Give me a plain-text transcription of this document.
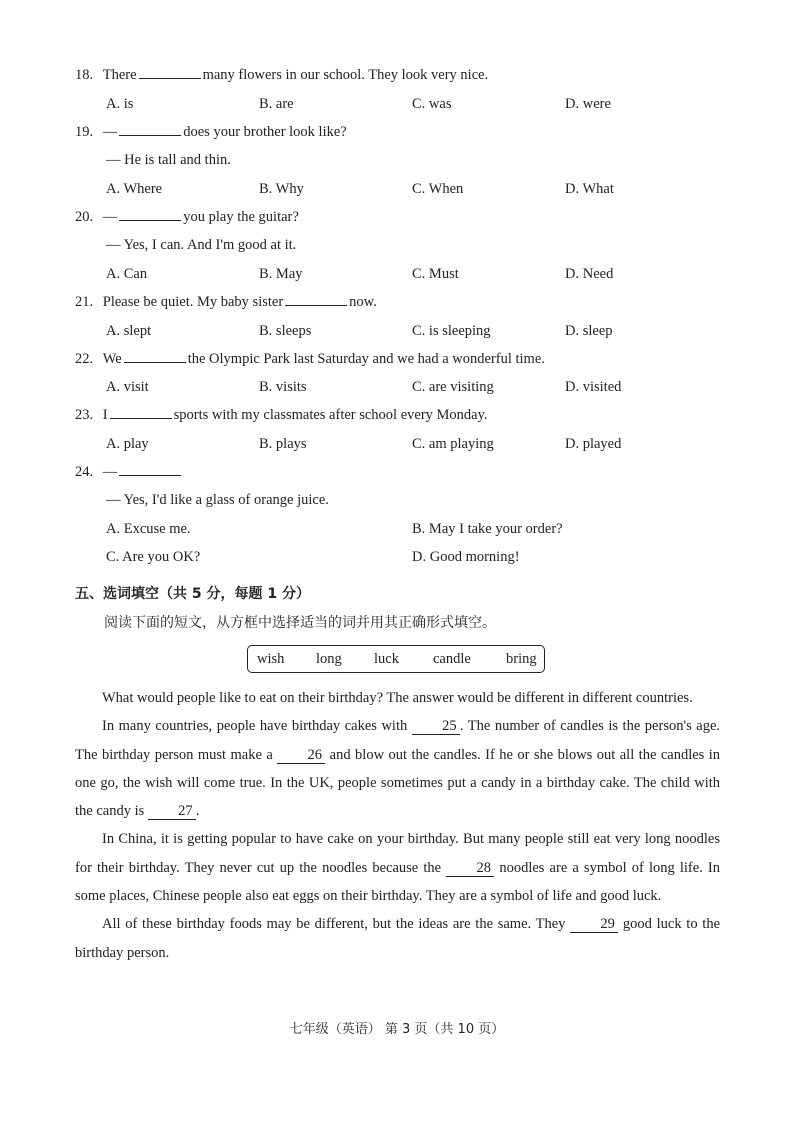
18. There	many flowers in our school. They look very nice.
A. is	B. are	C. was	D. were
19. —	does your brother look like?
— He is tall and thin.
A. Where	B. Why	C. When	D. What
20. —	you play the guitar?
— Yes, I can. And I'm good at it.
A. Can	B. May	C. Must	D. Need
21. Please be quiet. My baby sister	now.
A. slept	B. sleeps	C. is sleeping	D. sleep
22. We	the Olympic Park last Saturday and we had a wonderful time.
A. visit	B. visits	C. are visiting	D. visited
23. I	sports with my classmates after school every Monday.
A. play	B. plays	C. am playing	D. played
24. —
— Yes, I'd like a glass of orange juice.
A. Excuse me.	B. May I take your order?
C. Are you OK?	D. Good morning!
五、选词填空（共 5 分，每题 1 分）
阅读下面的短文，从方框中选择适当的词并用其正确形式填空。
wish long luck candle bring

What would people like to eat on their birthday? The answer would be different in different countries.

In many countries, people have birthday cakes with 25 . The number of candles is the person's age. The birthday person must make a 26 and blow out the candles. If he or she blows out all the candles in one go, the wish will come true. In the UK, people sometimes put a candy in a birthday cake. The child with the candy is 27 .

In China, it is getting popular to have cake on your birthday. But many people still eat very long noodles for their birthday. They never cut up the noodles because the 28 noodles are a symbol of long life. In some places, Chinese people also eat eggs on their birthday. They are a symbol of life and good luck.

All of these birthday foods may be different, but the ideas are the same. They 29 good luck to the birthday person.

七年级（英语） 第 3 页（共 10 页）
